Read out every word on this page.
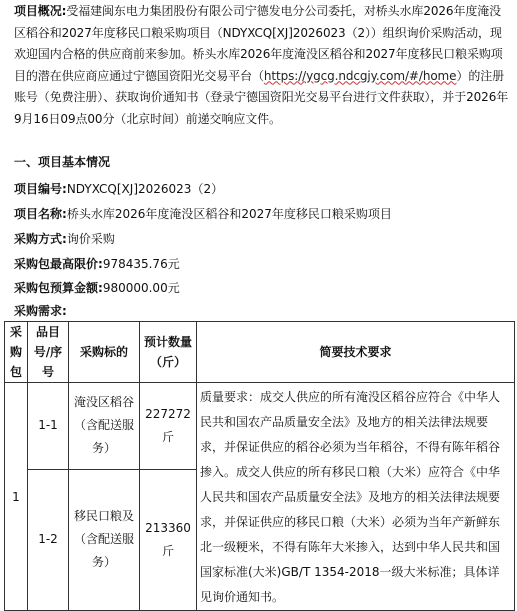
项目概况:受福建闽东电力集团股份有限公司宁德发电分公司委托，对桥头水库2026年度淹没区稻谷和2027年度移民口粮采购项目（NDYXCQ[XJ]2026023（2））组织询价采购活动，现欢迎国内合格的供应商前来参加。桥头水库2026年度淹没区稻谷和2027年度移民口粮采购项目的潜在供应商应通过宁德国资阳光交易平台（https://ygcg.ndcgjy.com/#/home）的注册账号（免费注册）、获取询价通知书（登录宁德国资阳光交易平台进行文件获取），并于2026年9月16日09点00分（北京时间）前递交响应文件。
一、项目基本情况
项目编号:NDYXCQ[XJ]2026023（2）
项目名称:桥头水库2026年度淹没区稻谷和2027年度移民口粮采购项目
采购方式:询价采购
采购包最高限价:978435.76元
采购包预算金额:980000.00元
采购需求:
采购包	品目号/序号	采购标的	预计数量（斤）	简要技术要求
1	1-1	淹没区稻谷（含配送服务）	227272斤	质量要求：成交人供应的所有淹没区稻谷应符合《中华人民共和国农产品质量安全法》及地方的相关法律法规要求，并保证供应的稻谷必须为当年稻谷，不得有陈年稻谷掺入。成交人供应的所有移民口粮（大米）应符合《中华人民共和国农产品质量安全法》及地方的相关法律法规要求，并保证供应的移民口粮（大米）必须为当年产新鲜东北一级粳米，不得有陈年大米掺入，达到中华人民共和国国家标准(大米)GB/T 1354-2018一级大米标准；具体详见询价通知书。
	1-2	移民口粮及（含配送服务）	213360斤	
